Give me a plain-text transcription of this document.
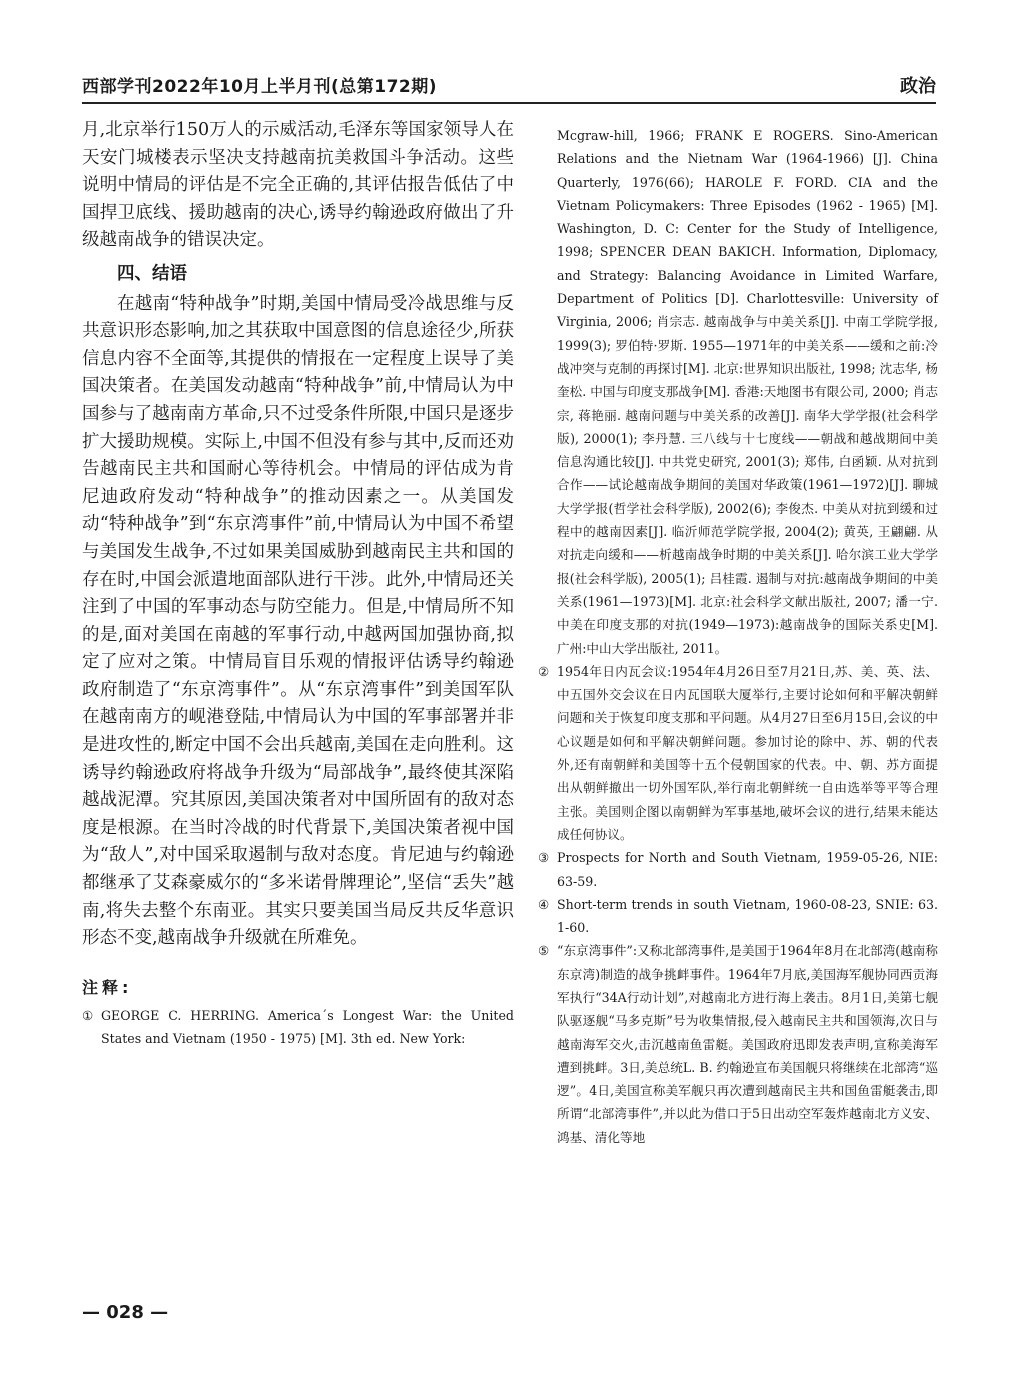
西部学刊2022年10月上半月刊(总第172期)	政治

月,北京举行150万人的示威活动,毛泽东等国家领导人在天安门城楼表示坚决支持越南抗美救国斗争活动。这些说明中情局的评估是不完全正确的,其评估报告低估了中国捍卫底线、援助越南的决心,诱导约翰逊政府做出了升级越南战争的错误决定。

四、结语

在越南“特种战争”时期,美国中情局受冷战思维与反共意识形态影响,加之其获取中国意图的信息途径少,所获信息内容不全面等,其提供的情报在一定程度上误导了美国决策者。在美国发动越南“特种战争”前,中情局认为中国参与了越南南方革命,只不过受条件所限,中国只是逐步扩大援助规模。实际上,中国不但没有参与其中,反而还劝告越南民主共和国耐心等待机会。中情局的评估成为肯尼迪政府发动“特种战争”的推动因素之一。从美国发动“特种战争”到“东京湾事件”前,中情局认为中国不希望与美国发生战争,不过如果美国威胁到越南民主共和国的存在时,中国会派遣地面部队进行干涉。此外,中情局还关注到了中国的军事动态与防空能力。但是,中情局所不知的是,面对美国在南越的军事行动,中越两国加强协商,拟定了应对之策。中情局盲目乐观的情报评估诱导约翰逊政府制造了“东京湾事件”。从“东京湾事件”到美国军队在越南南方的岘港登陆,中情局认为中国的军事部署并非是进攻性的,断定中国不会出兵越南,美国在走向胜利。这诱导约翰逊政府将战争升级为“局部战争”,最终使其深陷越战泥潭。究其原因,美国决策者对中国所固有的敌对态度是根源。在当时冷战的时代背景下,美国决策者视中国为“敌人”,对中国采取遏制与敌对态度。肯尼迪与约翰逊都继承了艾森豪威尔的“多米诺骨牌理论”,坚信“丢失”越南,将失去整个东南亚。其实只要美国当局反共反华意识形态不变,越南战争升级就在所难免。

注释:

① GEORGE C. HERRING. America´s Longest War: the United States and Vietnam (1950 - 1975) [M]. 3th ed. New York:

Mcgraw-hill, 1966; FRANK E ROGERS. Sino-American Relations and the Nietnam War (1964-1966) [J]. China Quarterly, 1976(66); HAROLE F. FORD. CIA and the Vietnam Policymakers: Three Episodes (1962 - 1965) [M]. Washington, D. C: Center for the Study of Intelligence, 1998; SPENCER DEAN BAKICH. Information, Diplomacy, and Strategy: Balancing Avoidance in Limited Warfare, Department of Politics [D]. Charlottesville: University of Virginia, 2006; 肖宗志. 越南战争与中美关系[J]. 中南工学院学报, 1999(3); 罗伯特·罗斯. 1955—1971年的中美关系——缓和之前:冷战冲突与克制的再探讨[M]. 北京:世界知识出版社, 1998; 沈志华, 杨奎松. 中国与印度支那战争[M]. 香港:天地图书有限公司, 2000; 肖志宗, 蒋艳丽. 越南问题与中美关系的改善[J]. 南华大学学报(社会科学版), 2000(1); 李丹慧. 三八线与十七度线——朝战和越战期间中美信息沟通比较[J]. 中共党史研究, 2001(3); 郑伟, 白函颖. 从对抗到合作——试论越南战争期间的美国对华政策(1961—1972)[J]. 聊城大学学报(哲学社会科学版), 2002(6); 李俊杰. 中美从对抗到缓和过程中的越南因素[J]. 临沂师范学院学报, 2004(2); 黄英, 王翩翩. 从对抗走向缓和——析越南战争时期的中美关系[J]. 哈尔滨工业大学学报(社会科学版), 2005(1); 吕桂霞. 遏制与对抗:越南战争期间的中美关系(1961—1973)[M]. 北京:社会科学文献出版社, 2007; 潘一宁. 中美在印度支那的对抗(1949—1973):越南战争的国际关系史[M]. 广州:中山大学出版社, 2011。

② 1954年日内瓦会议:1954年4月26日至7月21日,苏、美、英、法、中五国外交会议在日内瓦国联大厦举行,主要讨论如何和平解决朝鲜问题和关于恢复印度支那和平问题。从4月27日至6月15日,会议的中心议题是如何和平解决朝鲜问题。参加讨论的除中、苏、朝的代表外,还有南朝鲜和美国等十五个侵朝国家的代表。中、朝、苏方面提出从朝鲜撤出一切外国军队,举行南北朝鲜统一自由选举等平等合理主张。美国则企图以南朝鲜为军事基地,破坏会议的进行,结果未能达成任何协议。

③ Prospects for North and South Vietnam, 1959-05-26, NIE: 63-59.

④ Short-term trends in south Vietnam, 1960-08-23, SNIE: 63. 1-60.

⑤ “东京湾事件”:又称北部湾事件,是美国于1964年8月在北部湾(越南称东京湾)制造的战争挑衅事件。1964年7月底,美国海军舰协同西贡海军执行“34A行动计划”,对越南北方进行海上袭击。8月1日,美第七舰队驱逐舰“马多克斯”号为收集情报,侵入越南民主共和国领海,次日与越南海军交火,击沉越南鱼雷艇。美国政府迅即发表声明,宣称美海军遭到挑衅。3日,美总统L. B. 约翰逊宣布美国舰只将继续在北部湾“巡逻”。4日,美国宣称美军舰只再次遭到越南民主共和国鱼雷艇袭击,即所谓“北部湾事件”,并以此为借口于5日出动空军轰炸越南北方义安、鸿基、清化等地

— 028 —
